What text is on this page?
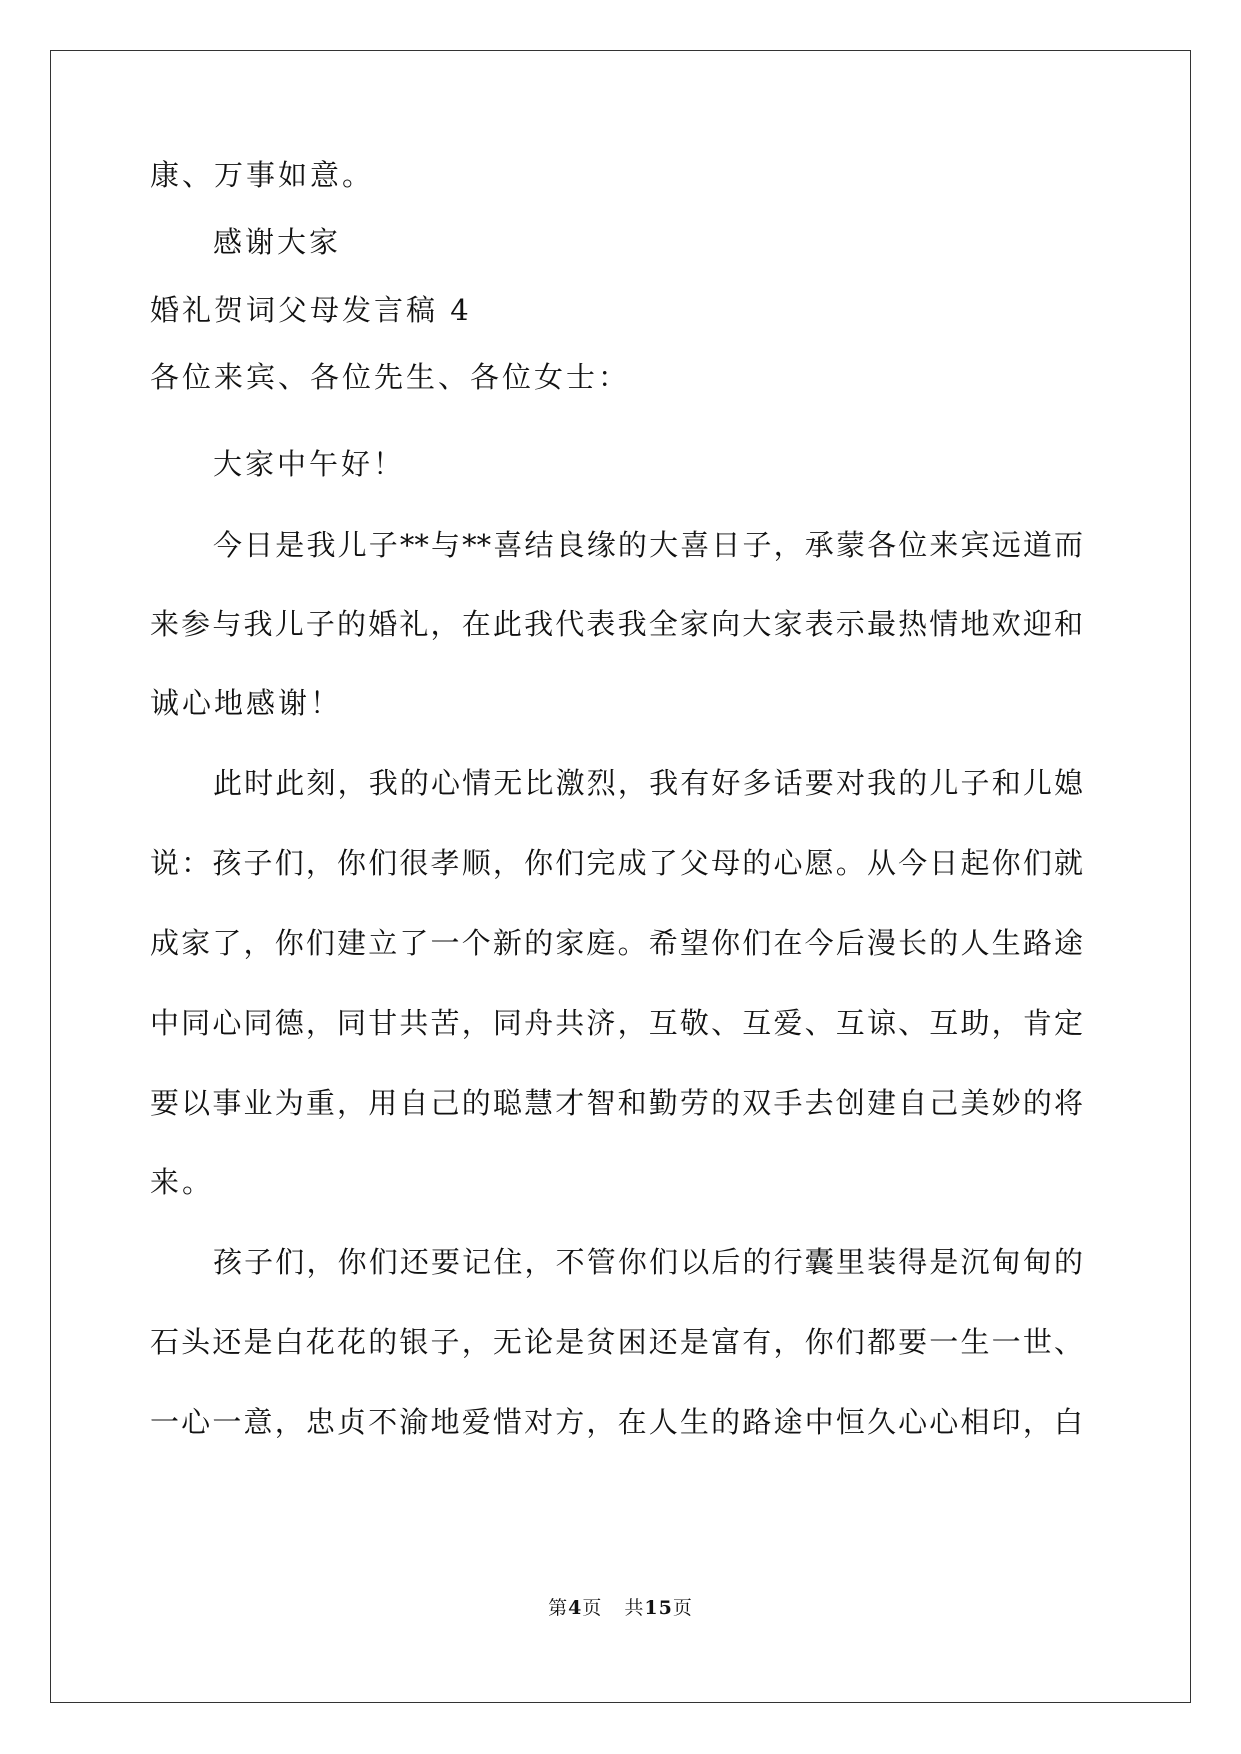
康、万事如意。
感谢大家
婚礼贺词父母发言稿 4
各位来宾、各位先生、各位女士：
大家中午好！
今日是我儿子**与**喜结良缘的大喜日子，承蒙各位来宾远道而
来参与我儿子的婚礼，在此我代表我全家向大家表示最热情地欢迎和
诚心地感谢！
此时此刻，我的心情无比激烈，我有好多话要对我的儿子和儿媳
说：孩子们，你们很孝顺，你们完成了父母的心愿。从今日起你们就
成家了，你们建立了一个新的家庭。希望你们在今后漫长的人生路途
中同心同德，同甘共苦，同舟共济，互敬、互爱、互谅、互助，肯定
要以事业为重，用自己的聪慧才智和勤劳的双手去创建自己美妙的将
来。
孩子们，你们还要记住，不管你们以后的行囊里装得是沉甸甸的
石头还是白花花的银子，无论是贫困还是富有，你们都要一生一世、
一心一意，忠贞不渝地爱惜对方，在人生的路途中恒久心心相印，白
第4页 共15页
